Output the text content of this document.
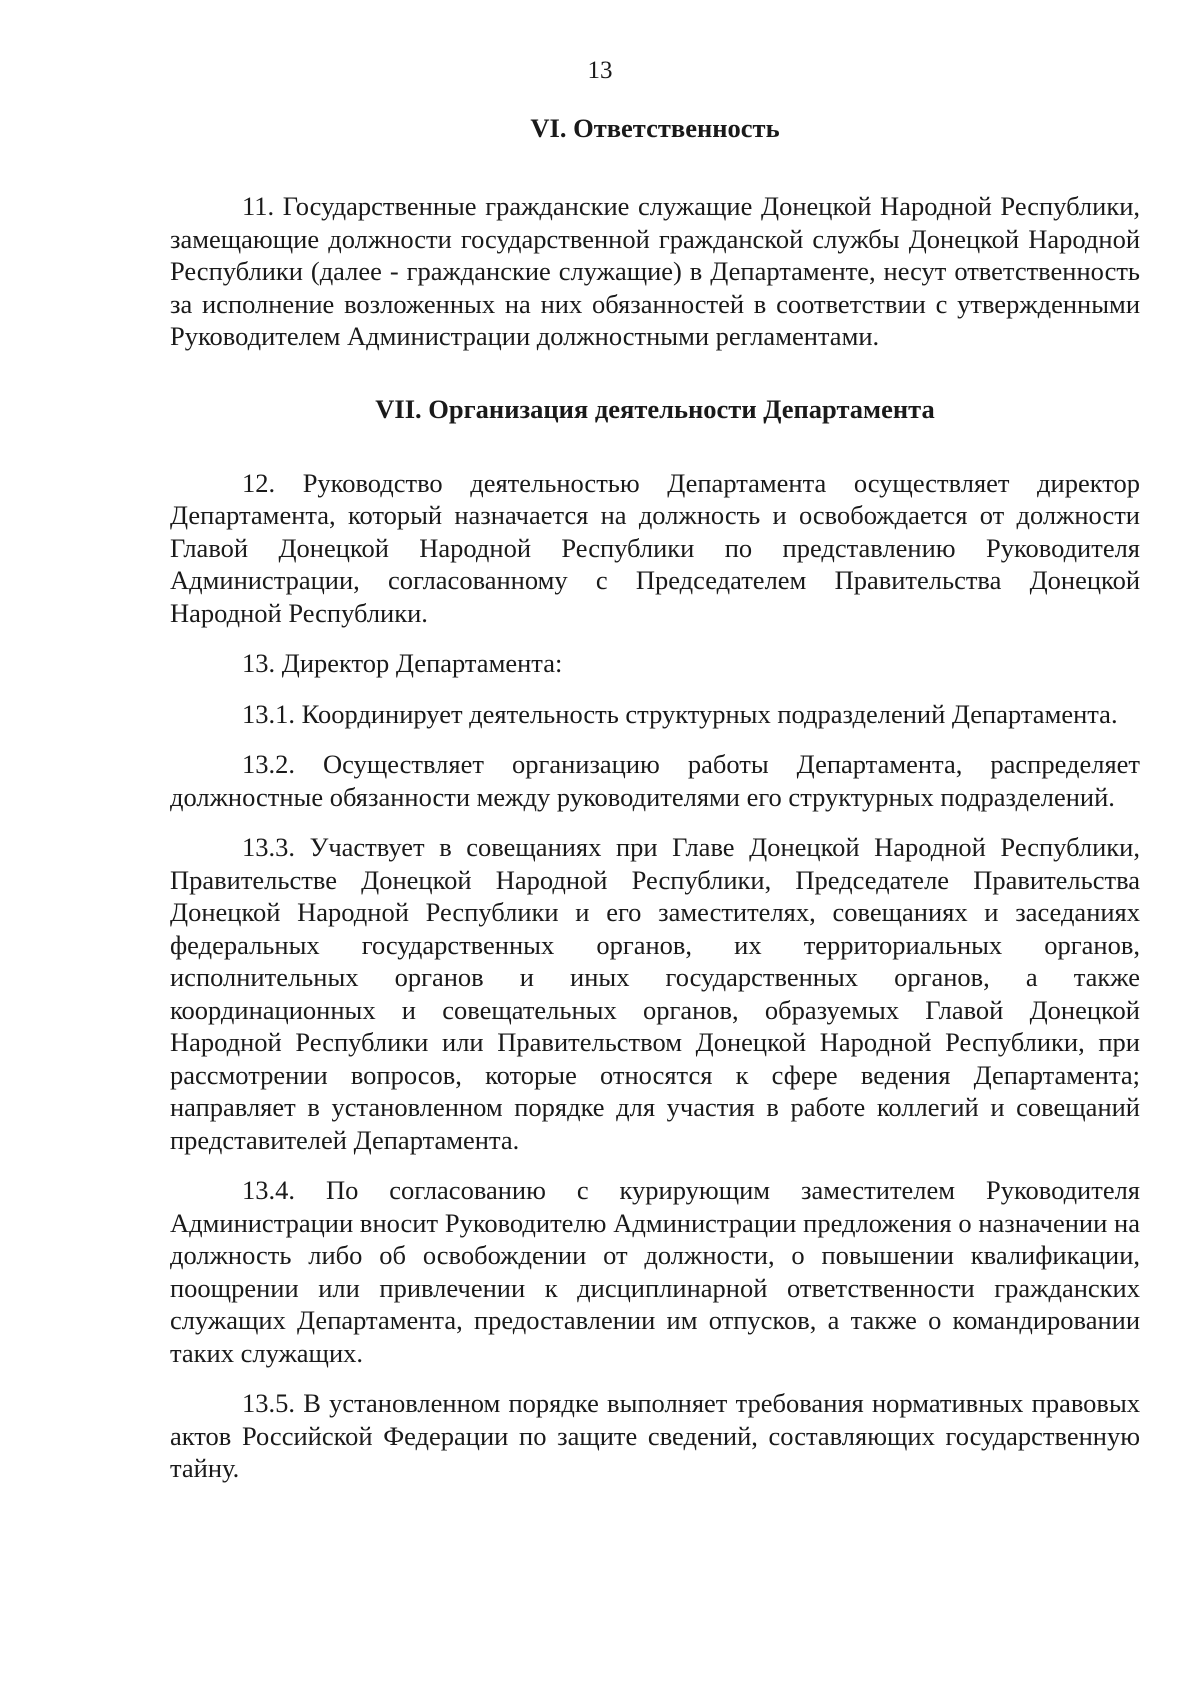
13
VI. Ответственность

11. Государственные гражданские служащие Донецкой Народной Республики, замещающие должности государственной гражданской службы Донецкой Народной Республики (далее - гражданские служащие) в Департаменте, несут ответственность за исполнение возложенных на них обязанностей в соответствии с утвержденными Руководителем Администрации должностными регламентами.

VII. Организация деятельности Департамента

12. Руководство деятельностью Департамента осуществляет директор Департамента, который назначается на должность и освобождается от должности Главой Донецкой Народной Республики по представлению Руководителя Администрации, согласованному с Председателем Правительства Донецкой Народной Республики.

13. Директор Департамента:

13.1. Координирует деятельность структурных подразделений Департамента.

13.2. Осуществляет организацию работы Департамента, распределяет должностные обязанности между руководителями его структурных подразделений.

13.3. Участвует в совещаниях при Главе Донецкой Народной Республики, Правительстве Донецкой Народной Республики, Председателе Правительства Донецкой Народной Республики и его заместителях, совещаниях и заседаниях федеральных государственных органов, их территориальных органов, исполнительных органов и иных государственных органов, а также координационных и совещательных органов, образуемых Главой Донецкой Народной Республики или Правительством Донецкой Народной Республики, при рассмотрении вопросов, которые относятся к сфере ведения Департамента; направляет в установленном порядке для участия в работе коллегий и совещаний представителей Департамента.

13.4. По согласованию с курирующим заместителем Руководителя Администрации вносит Руководителю Администрации предложения о назначении на должность либо об освобождении от должности, о повышении квалификации, поощрении или привлечении к дисциплинарной ответственности гражданских служащих Департамента, предоставлении им отпусков, а также о командировании таких служащих.

13.5. В установленном порядке выполняет требования нормативных правовых актов Российской Федерации по защите сведений, составляющих государственную тайну.
